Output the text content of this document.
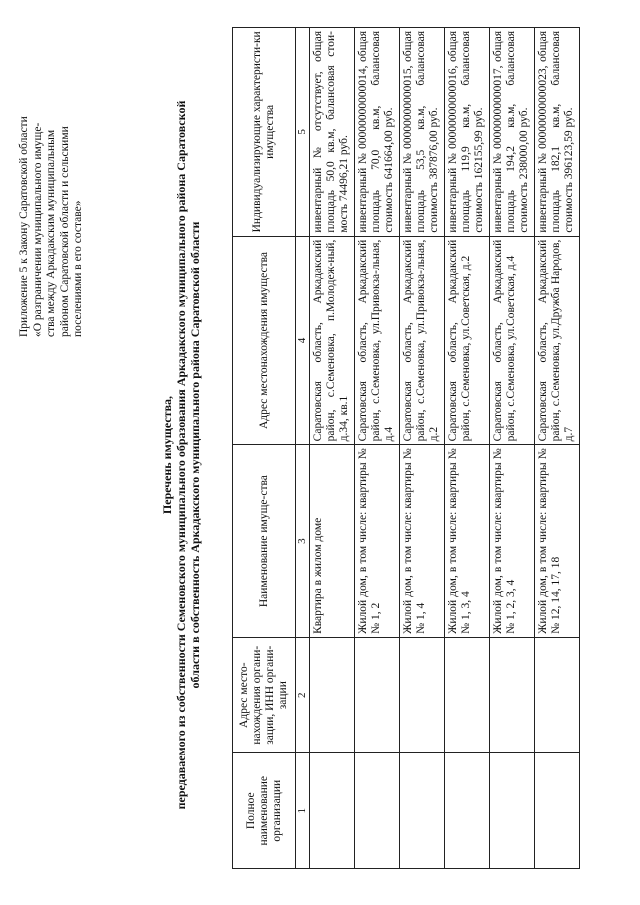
Приложение 5 к Закону Саратовской области «О разграничении муниципального имуще- ства между Аркадакским муниципальным районом Саратовской области и сельскими поселениями в его составе»
Перечень имущества, передаваемого из собственности Семеновского муниципального образования Аркадакского муниципального района Саратовской области в собственность Аркадакского муниципального района Саратовской области
Полное наименование организации	Адрес место-нахождения органи-зации, ИНН органи-зации	Наименование имуще-ства	Адрес местонахождения имущества	Индивидуализирующие характеристи-ки имущества
1	2	3	4	5
		Квартира в жилом доме	Саратовская область, Аркадакский район, с.Семеновка, п.Молодеж-ный, д.34, кв.1	инвентарный № отсутствует, общая площадь 50,0 кв.м, балансовая стои-мость 74496,21 руб.
		Жилой дом, в том числе: квартиры №№ 1, 2	Саратовская область, Аркадакский район, с.Семеновка, ул.Привокза-льная, д.4	инвентарный № 00000000000014, общая площадь 70,0 кв.м, балансовая стоимость 641664,00 руб.
		Жилой дом, в том числе: квартиры №№ 1, 4	Саратовская область, Аркадакский район, с.Семеновка, ул.Привокза-льная, д.2	инвентарный № 00000000000015, общая площадь 53,5 кв.м, балансовая стоимость 387876,00 руб.
		Жилой дом, в том числе: квартиры №№ 1, 3, 4	Саратовская область, Аркадакский район, с.Семеновка, ул.Советская, д.2	инвентарный № 00000000000016, общая площадь 119,9 кв.м, балансовая стоимость 162155,99 руб.
		Жилой дом, в том числе: квартиры №№ 1, 2, 3, 4	Саратовская область, Аркадакский район, с.Семеновка, ул.Советская, д.4	инвентарный № 00000000000017, общая площадь 194,2 кв.м, балансовая стоимость 238000,00 руб.
		Жилой дом, в том числе: квартиры №№ 12, 14, 17, 18	Саратовская область, Аркадакский район, с.Семеновка, ул.Дружба Народов, д.7	инвентарный № 00000000000023, общая площадь 182,1 кв.м, балансовая стоимость 396123,59 руб.
